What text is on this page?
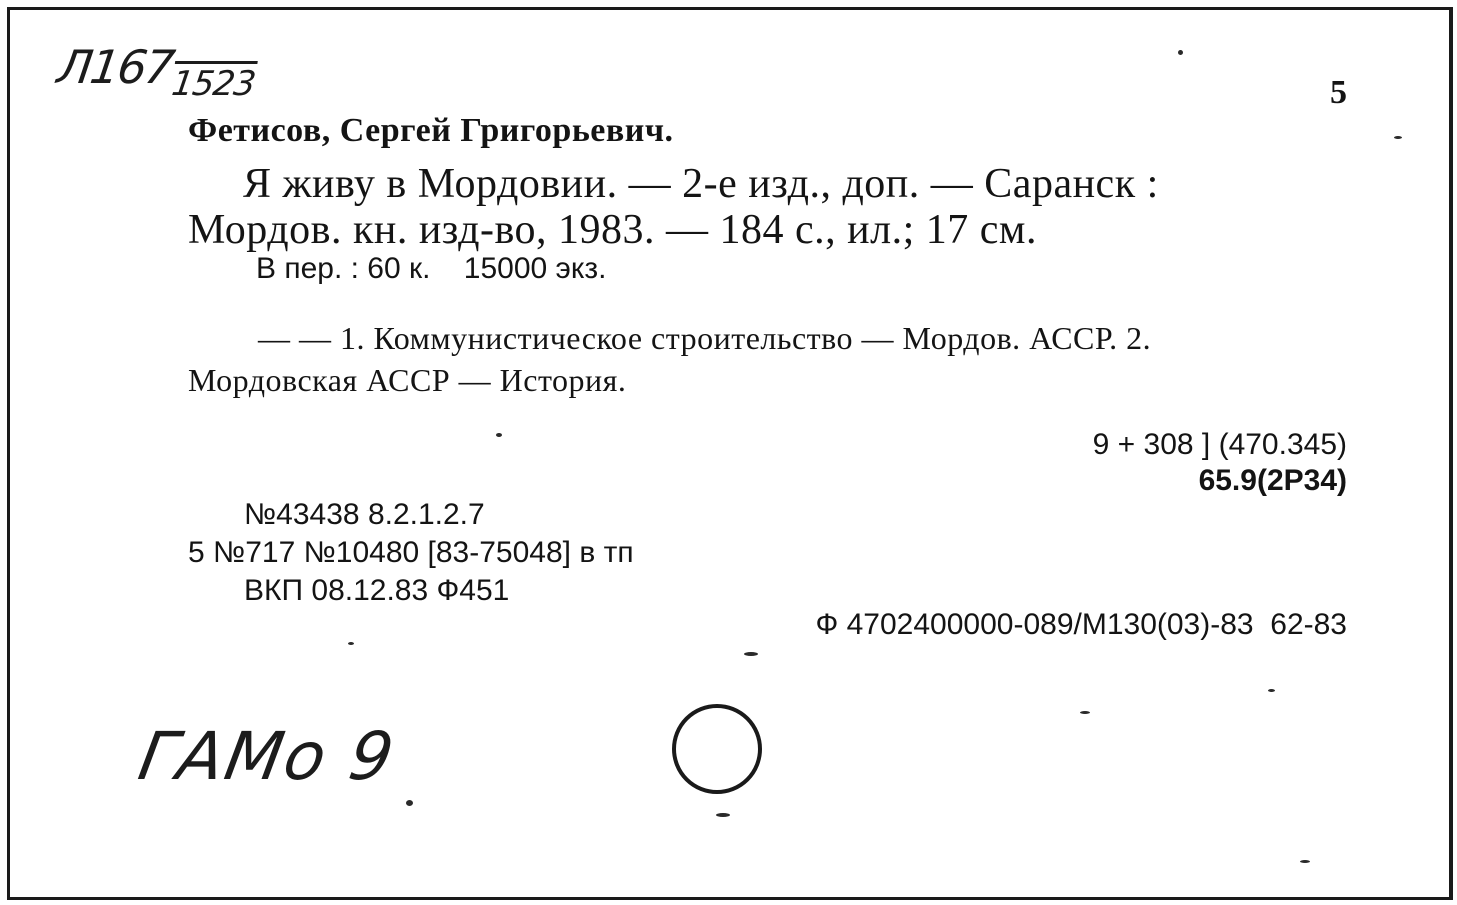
Л167
1523	5
Фетисов, Сергей Григорьевич.
Я живу в Мордовии. — 2-е изд., доп. — Саранск :
Мордов. кн. изд-во, 1983. — 184 с., ил.; 17 см.
В пер. : 60 к.    15000 экз.
— — 1. Коммунистическое строительство — Мордов. АССР. 2.
Мордовская АССР — История.
9 + 308 ] (470.345)
65.9(2Р34)
№43438 8.2.1.2.7
5 №717 №10480 [83-75048] в тп
ВКП 08.12.83 Ф451
Ф 4702400000-089/М130(03)-83  62-83
ГАМо 9
